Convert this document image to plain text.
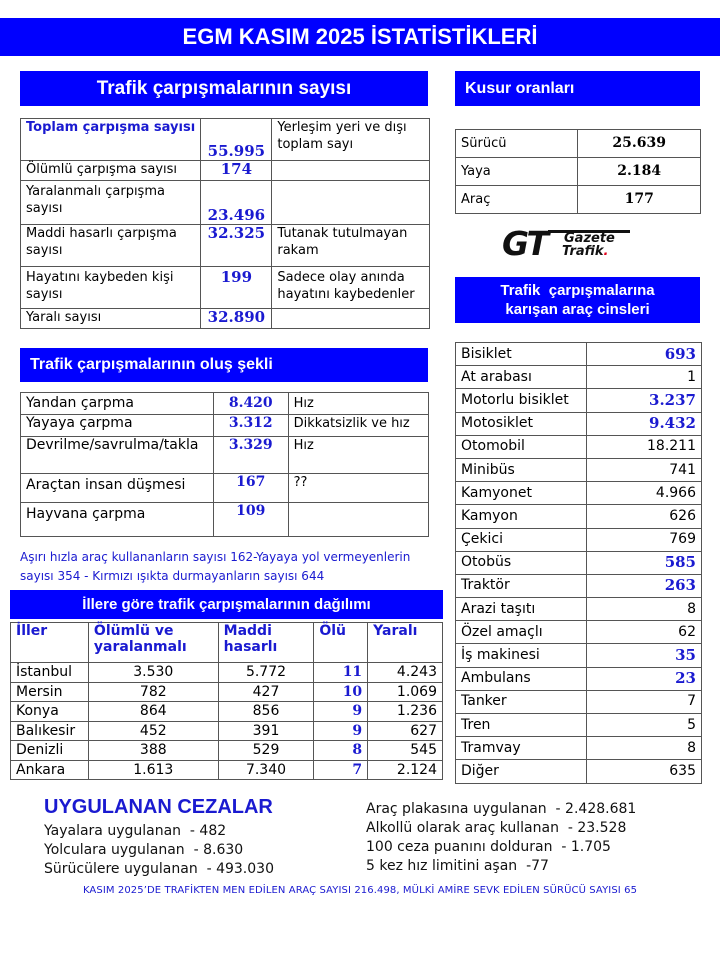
EGM KASIM 2025 İSTATİSTİKLERİ
Trafik çarpışmalarının sayısı
Toplam çarpışma sayısı	55.995	Yerleşim yeri ve dışı toplam sayı
Ölümlü çarpışma sayısı	174	
Yaralanmalı çarpışma sayısı	23.496	
Maddi hasarlı çarpışma sayısı	32.325	Tutanak tutulmayan rakam
Hayatını kaybeden kişi sayısı	199	Sadece olay anında hayatını kaybedenler
Yaralı sayısı	32.890	
Kusur oranları
Sürücü	25.639
Yaya	2.184
Araç	177
GT Gazete
Trafik.
Trafik  çarpışmalarına
karışan araç cinsleri
Bisiklet	693
At arabası	1
Motorlu bisiklet	3.237
Motosiklet	9.432
Otomobil	18.211
Minibüs	741
Kamyonet	4.966
Kamyon	626
Çekici	769
Otobüs	585
Traktör	263
Arazi taşıtı	8
Özel amaçlı	62
İş makinesi	35
Ambulans	23
Tanker	7
Tren	5
Tramvay	8
Diğer	635
Trafik çarpışmalarının oluş şekli
Yandan çarpma	8.420	Hız
Yayaya çarpma	3.312	Dikkatsizlik ve hız
Devrilme/savrulma/takla	3.329	Hız
Araçtan insan düşmesi	167	??
Hayvana çarpma	109	
Aşırı hızla araç kullananların sayısı 162-Yayaya yol vermeyenlerin
sayısı 354 - Kırmızı ışıkta durmayanların sayısı 644
İllere göre trafik çarpışmalarının dağılımı
İller	Ölümlü ve yaralanmalı	Maddi hasarlı	Ölü	Yaralı
İstanbul	3.530	5.772	11	4.243
Mersin	782	427	10	1.069
Konya	864	856	9	1.236
Balıkesir	452	391	9	627
Denizli	388	529	8	545
Ankara	1.613	7.340	7	2.124
UYGULANAN CEZALAR
Yayalara uygulanan  - 482
Yolculara uygulanan  - 8.630
Sürücülere uygulanan  - 493.030
Araç plakasına uygulanan  - 2.428.681
Alkollü olarak araç kullanan  - 23.528
100 ceza puanını dolduran  - 1.705
5 kez hız limitini aşan  -77
KASIM 2025’DE TRAFİKTEN MEN EDİLEN ARAÇ SAYISI 216.498, MÜLKİ AMİRE SEVK EDİLEN SÜRÜCÜ SAYISI 65
